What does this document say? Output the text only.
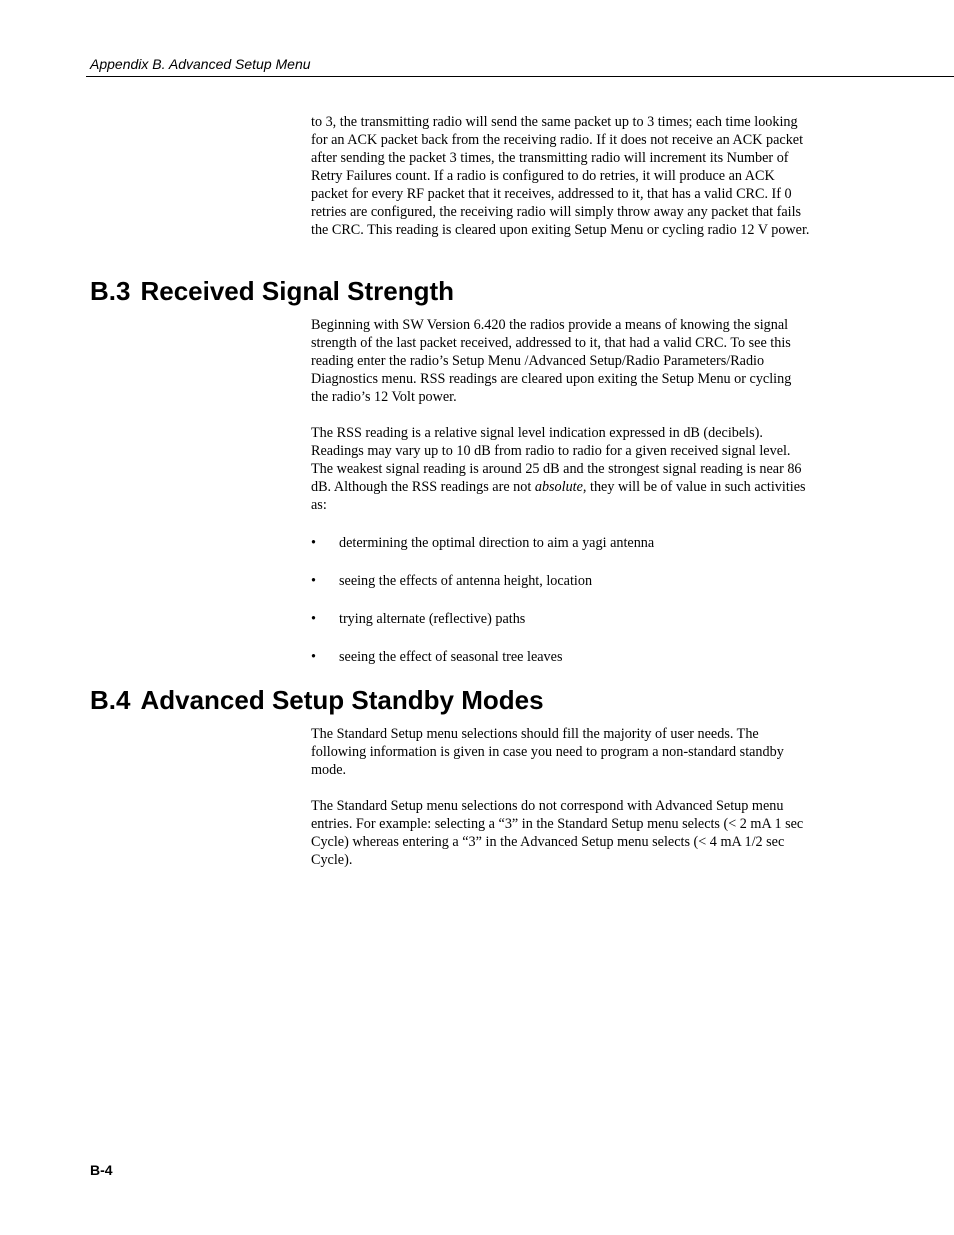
Appendix B. Advanced Setup Menu

to 3, the transmitting radio will send the same packet up to 3 times; each time looking for an ACK packet back from the receiving radio. If it does not receive an ACK packet after sending the packet 3 times, the transmitting radio will increment its Number of Retry Failures count. If a radio is configured to do retries, it will produce an ACK packet for every RF packet that it receives, addressed to it, that has a valid CRC. If 0 retries are configured, the receiving radio will simply throw away any packet that fails the CRC. This reading is cleared upon exiting Setup Menu or cycling radio 12 V power.

B.3 Received Signal Strength

Beginning with SW Version 6.420 the radios provide a means of knowing the signal strength of the last packet received, addressed to it, that had a valid CRC. To see this reading enter the radio’s Setup Menu /Advanced Setup/Radio Parameters/Radio Diagnostics menu. RSS readings are cleared upon exiting the Setup Menu or cycling the radio’s 12 Volt power.

The RSS reading is a relative signal level indication expressed in dB (decibels). Readings may vary up to 10 dB from radio to radio for a given received signal level. The weakest signal reading is around 25 dB and the strongest signal reading is near 86 dB. Although the RSS readings are not absolute, they will be of value in such activities as:

• determining the optimal direction to aim a yagi antenna
• seeing the effects of antenna height, location
• trying alternate (reflective) paths
• seeing the effect of seasonal tree leaves
B.4 Advanced Setup Standby Modes

The Standard Setup menu selections should fill the majority of user needs. The following information is given in case you need to program a non-standard standby mode.

The Standard Setup menu selections do not correspond with Advanced Setup menu entries. For example: selecting a “3” in the Standard Setup menu selects (< 2 mA 1 sec Cycle) whereas entering a “3” in the Advanced Setup menu selects (< 4 mA 1/2 sec Cycle).

B-4
